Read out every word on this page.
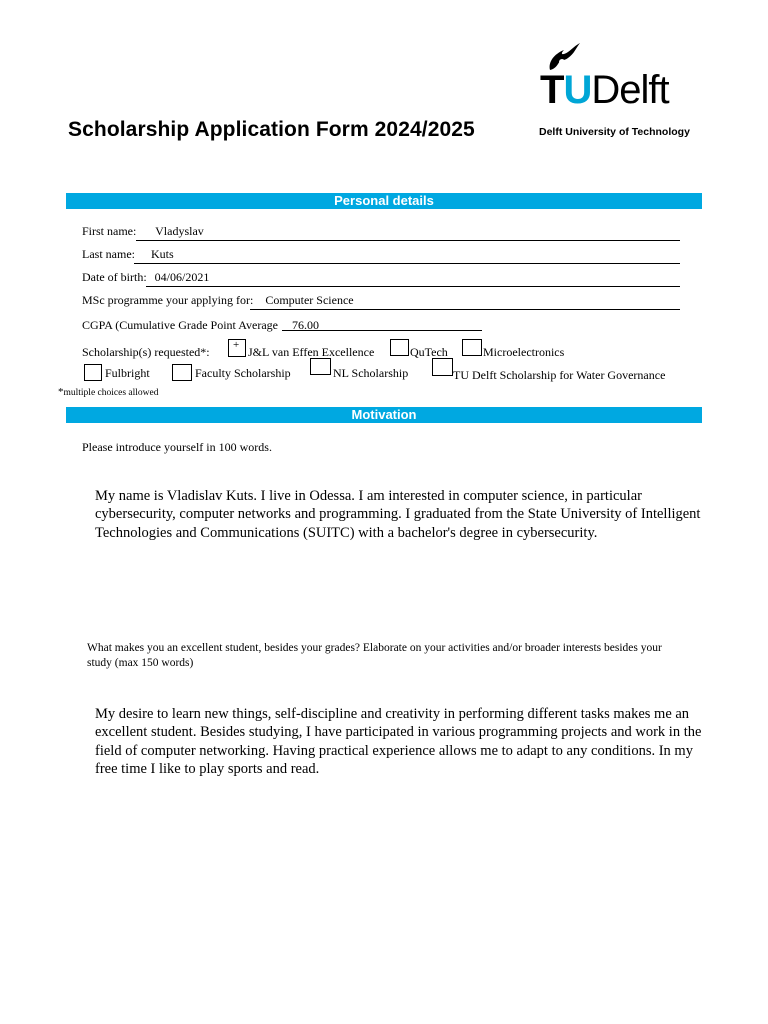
Scholarship Application Form 2024/2025
TUDelft
Delft University of Technology
Personal details
First name: Vladyslav
Last name: Kuts
Date of birth: 04/06/2021
MSc programme your applying for: Computer Science
CGPA (Cumulative Grade Point Average 76.00
Scholarship(s) requested*:
+	J&L van Effen Excellence	QuTech	Microelectronics
Fulbright	Faculty Scholarship	NL Scholarship	TU Delft Scholarship for Water Governance
*multiple choices allowed
Motivation
Please introduce yourself in 100 words.
My name is Vladislav Kuts. I live in Odessa. I am interested in computer science, in particular cybersecurity, computer networks and programming. I graduated from the State University of Intelligent Technologies and Communications (SUITC) with a bachelor's degree in cybersecurity.
What makes you an excellent student, besides your grades? Elaborate on your activities and/or broader interests besides your study (max 150 words)
My desire to learn new things, self-discipline and creativity in performing different tasks makes me an excellent student. Besides studying, I have participated in various programming projects and work in the field of computer networking. Having practical experience allows me to adapt to any conditions. In my free time I like to play sports and read.
